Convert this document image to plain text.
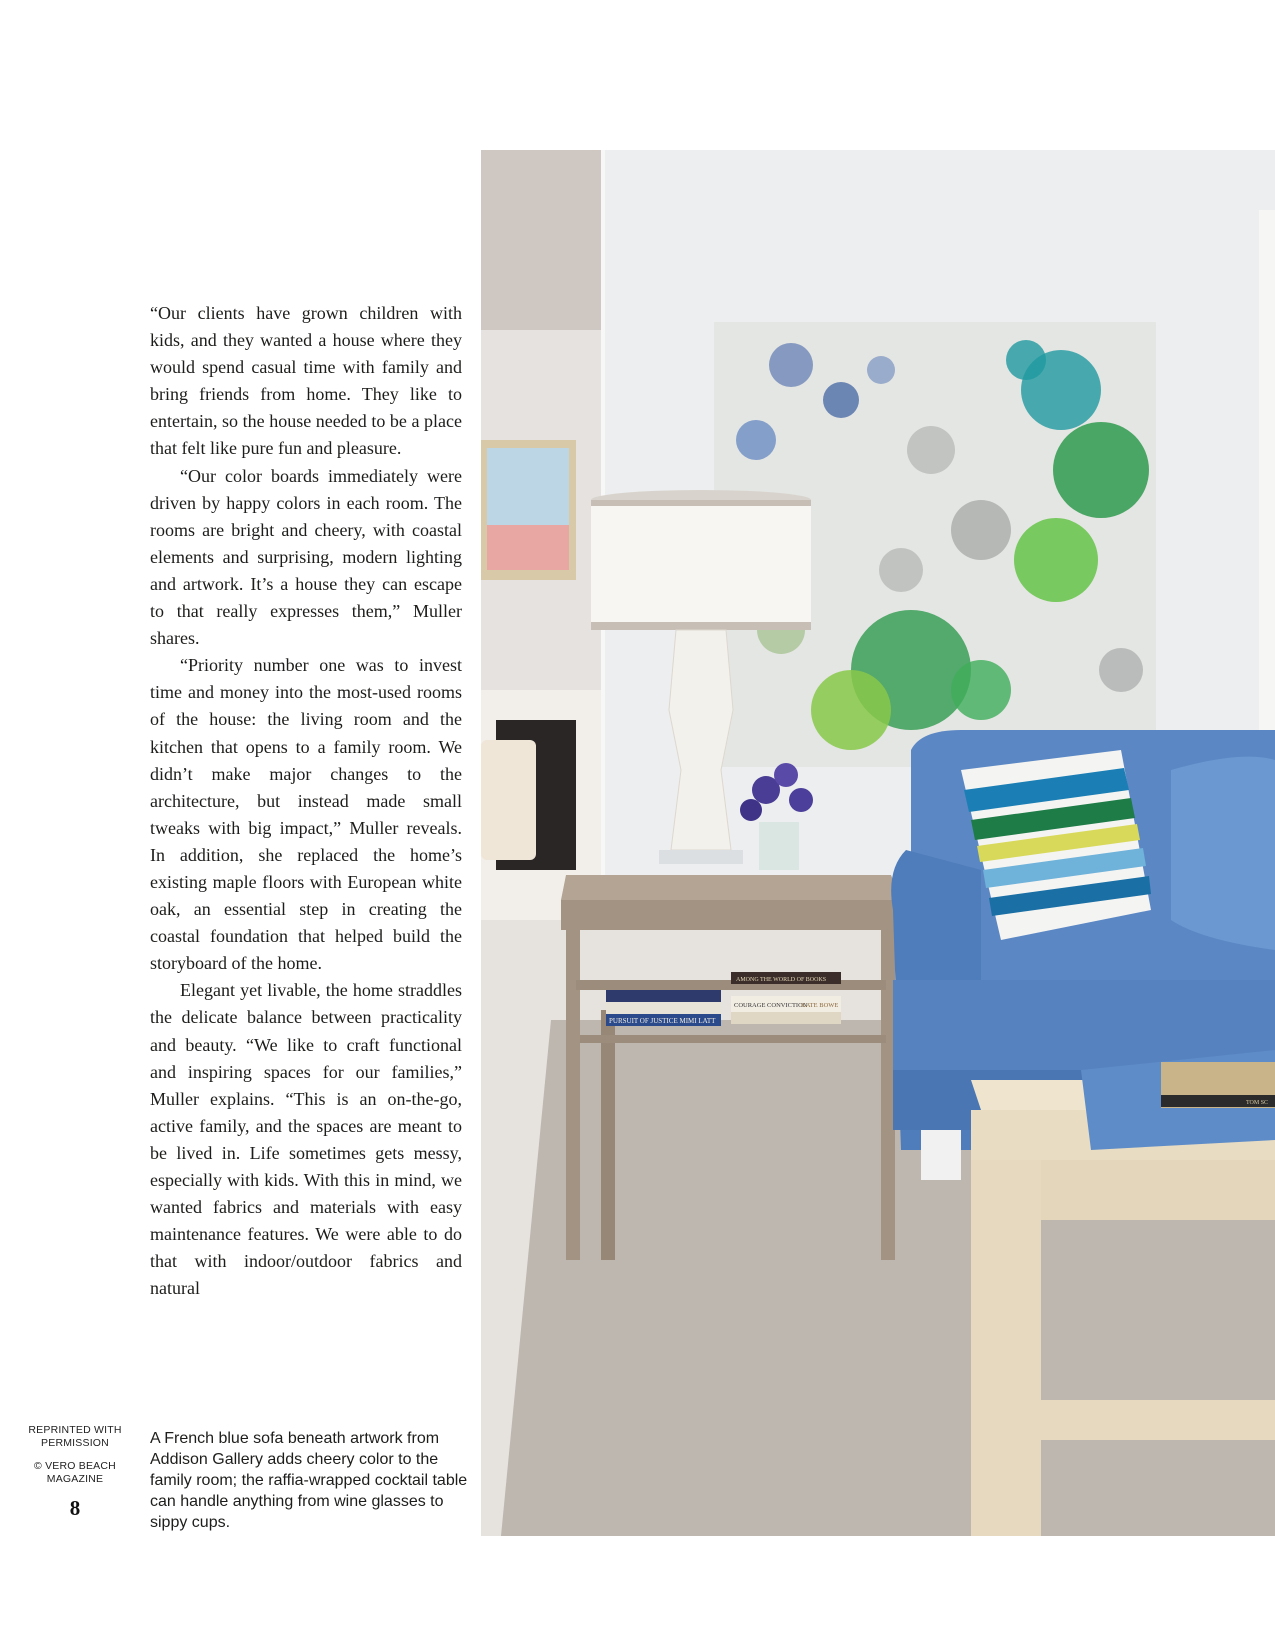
“Our clients have grown children with kids, and they wanted a house where they would spend casual time with family and bring friends from home. They like to entertain, so the house needed to be a place that felt like pure fun and pleasure.

“Our color boards immediately were driven by happy colors in each room. The rooms are bright and cheery, with coastal elements and surprising, modern lighting and artwork. It’s a house they can escape to that really expresses them,” Muller shares.

“Priority number one was to invest time and money into the most-used rooms of the house: the living room and the kitchen that opens to a family room. We didn’t make major changes to the architecture, but instead made small tweaks with big impact,” Muller reveals. In addition, she replaced the home’s existing maple floors with European white oak, an essential step in creating the coastal foundation that helped build the storyboard of the home.

Elegant yet livable, the home straddles the delicate balance between practicality and beauty. “We like to craft functional and inspiring spaces for our families,” Muller explains. “This is an on-the-go, active family, and the spaces are meant to be lived in. Life sometimes gets messy, especially with kids. With this in mind, we wanted fabrics and materials with easy maintenance features. We were able to do that with indoor/outdoor fabrics and natural

A French blue sofa beneath artwork from Addison Gallery adds cheery color to the family room; the raffia-wrapped cocktail table can handle anything from wine glasses to sippy cups.

REPRINTED WITH PERMISSION
© VERO BEACH MAGAZINE
8
PURSUIT OF JUSTICE MIMI LATT
AMONG THE WORLD OF BOOKS
COURAGE CONVICTION
KATE BOWE
TOM SC
